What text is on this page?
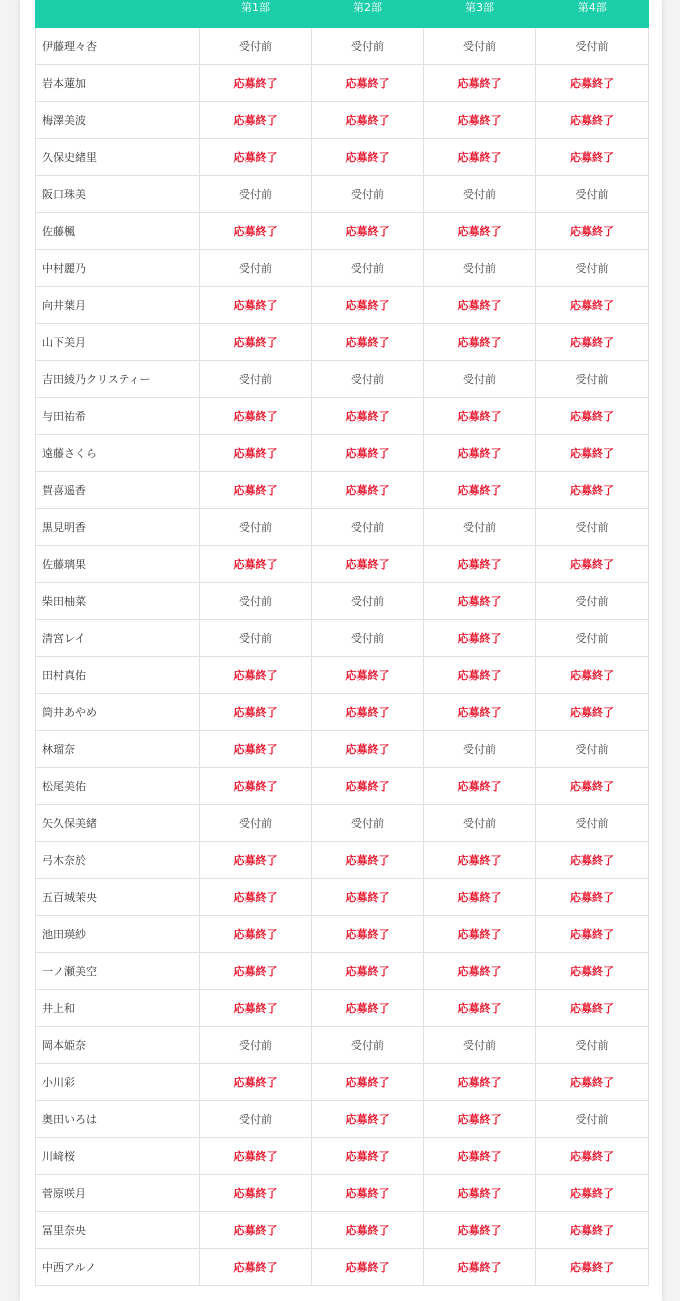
	第1部	第2部	第3部	第4部
伊藤理々杏	受付前	受付前	受付前	受付前
岩本蓮加	応募終了	応募終了	応募終了	応募終了
梅澤美波	応募終了	応募終了	応募終了	応募終了
久保史緒里	応募終了	応募終了	応募終了	応募終了
阪口珠美	受付前	受付前	受付前	受付前
佐藤楓	応募終了	応募終了	応募終了	応募終了
中村麗乃	受付前	受付前	受付前	受付前
向井葉月	応募終了	応募終了	応募終了	応募終了
山下美月	応募終了	応募終了	応募終了	応募終了
吉田綾乃クリスティー	受付前	受付前	受付前	受付前
与田祐希	応募終了	応募終了	応募終了	応募終了
遠藤さくら	応募終了	応募終了	応募終了	応募終了
賀喜遥香	応募終了	応募終了	応募終了	応募終了
黒見明香	受付前	受付前	受付前	受付前
佐藤璃果	応募終了	応募終了	応募終了	応募終了
柴田柚菜	受付前	受付前	応募終了	受付前
清宮レイ	受付前	受付前	応募終了	受付前
田村真佑	応募終了	応募終了	応募終了	応募終了
筒井あやめ	応募終了	応募終了	応募終了	応募終了
林瑠奈	応募終了	応募終了	受付前	受付前
松尾美佑	応募終了	応募終了	応募終了	応募終了
矢久保美緒	受付前	受付前	受付前	受付前
弓木奈於	応募終了	応募終了	応募終了	応募終了
五百城茉央	応募終了	応募終了	応募終了	応募終了
池田瑛紗	応募終了	応募終了	応募終了	応募終了
一ノ瀬美空	応募終了	応募終了	応募終了	応募終了
井上和	応募終了	応募終了	応募終了	応募終了
岡本姫奈	受付前	受付前	受付前	受付前
小川彩	応募終了	応募終了	応募終了	応募終了
奥田いろは	受付前	応募終了	応募終了	受付前
川﨑桜	応募終了	応募終了	応募終了	応募終了
菅原咲月	応募終了	応募終了	応募終了	応募終了
冨里奈央	応募終了	応募終了	応募終了	応募終了
中西アルノ	応募終了	応募終了	応募終了	応募終了
